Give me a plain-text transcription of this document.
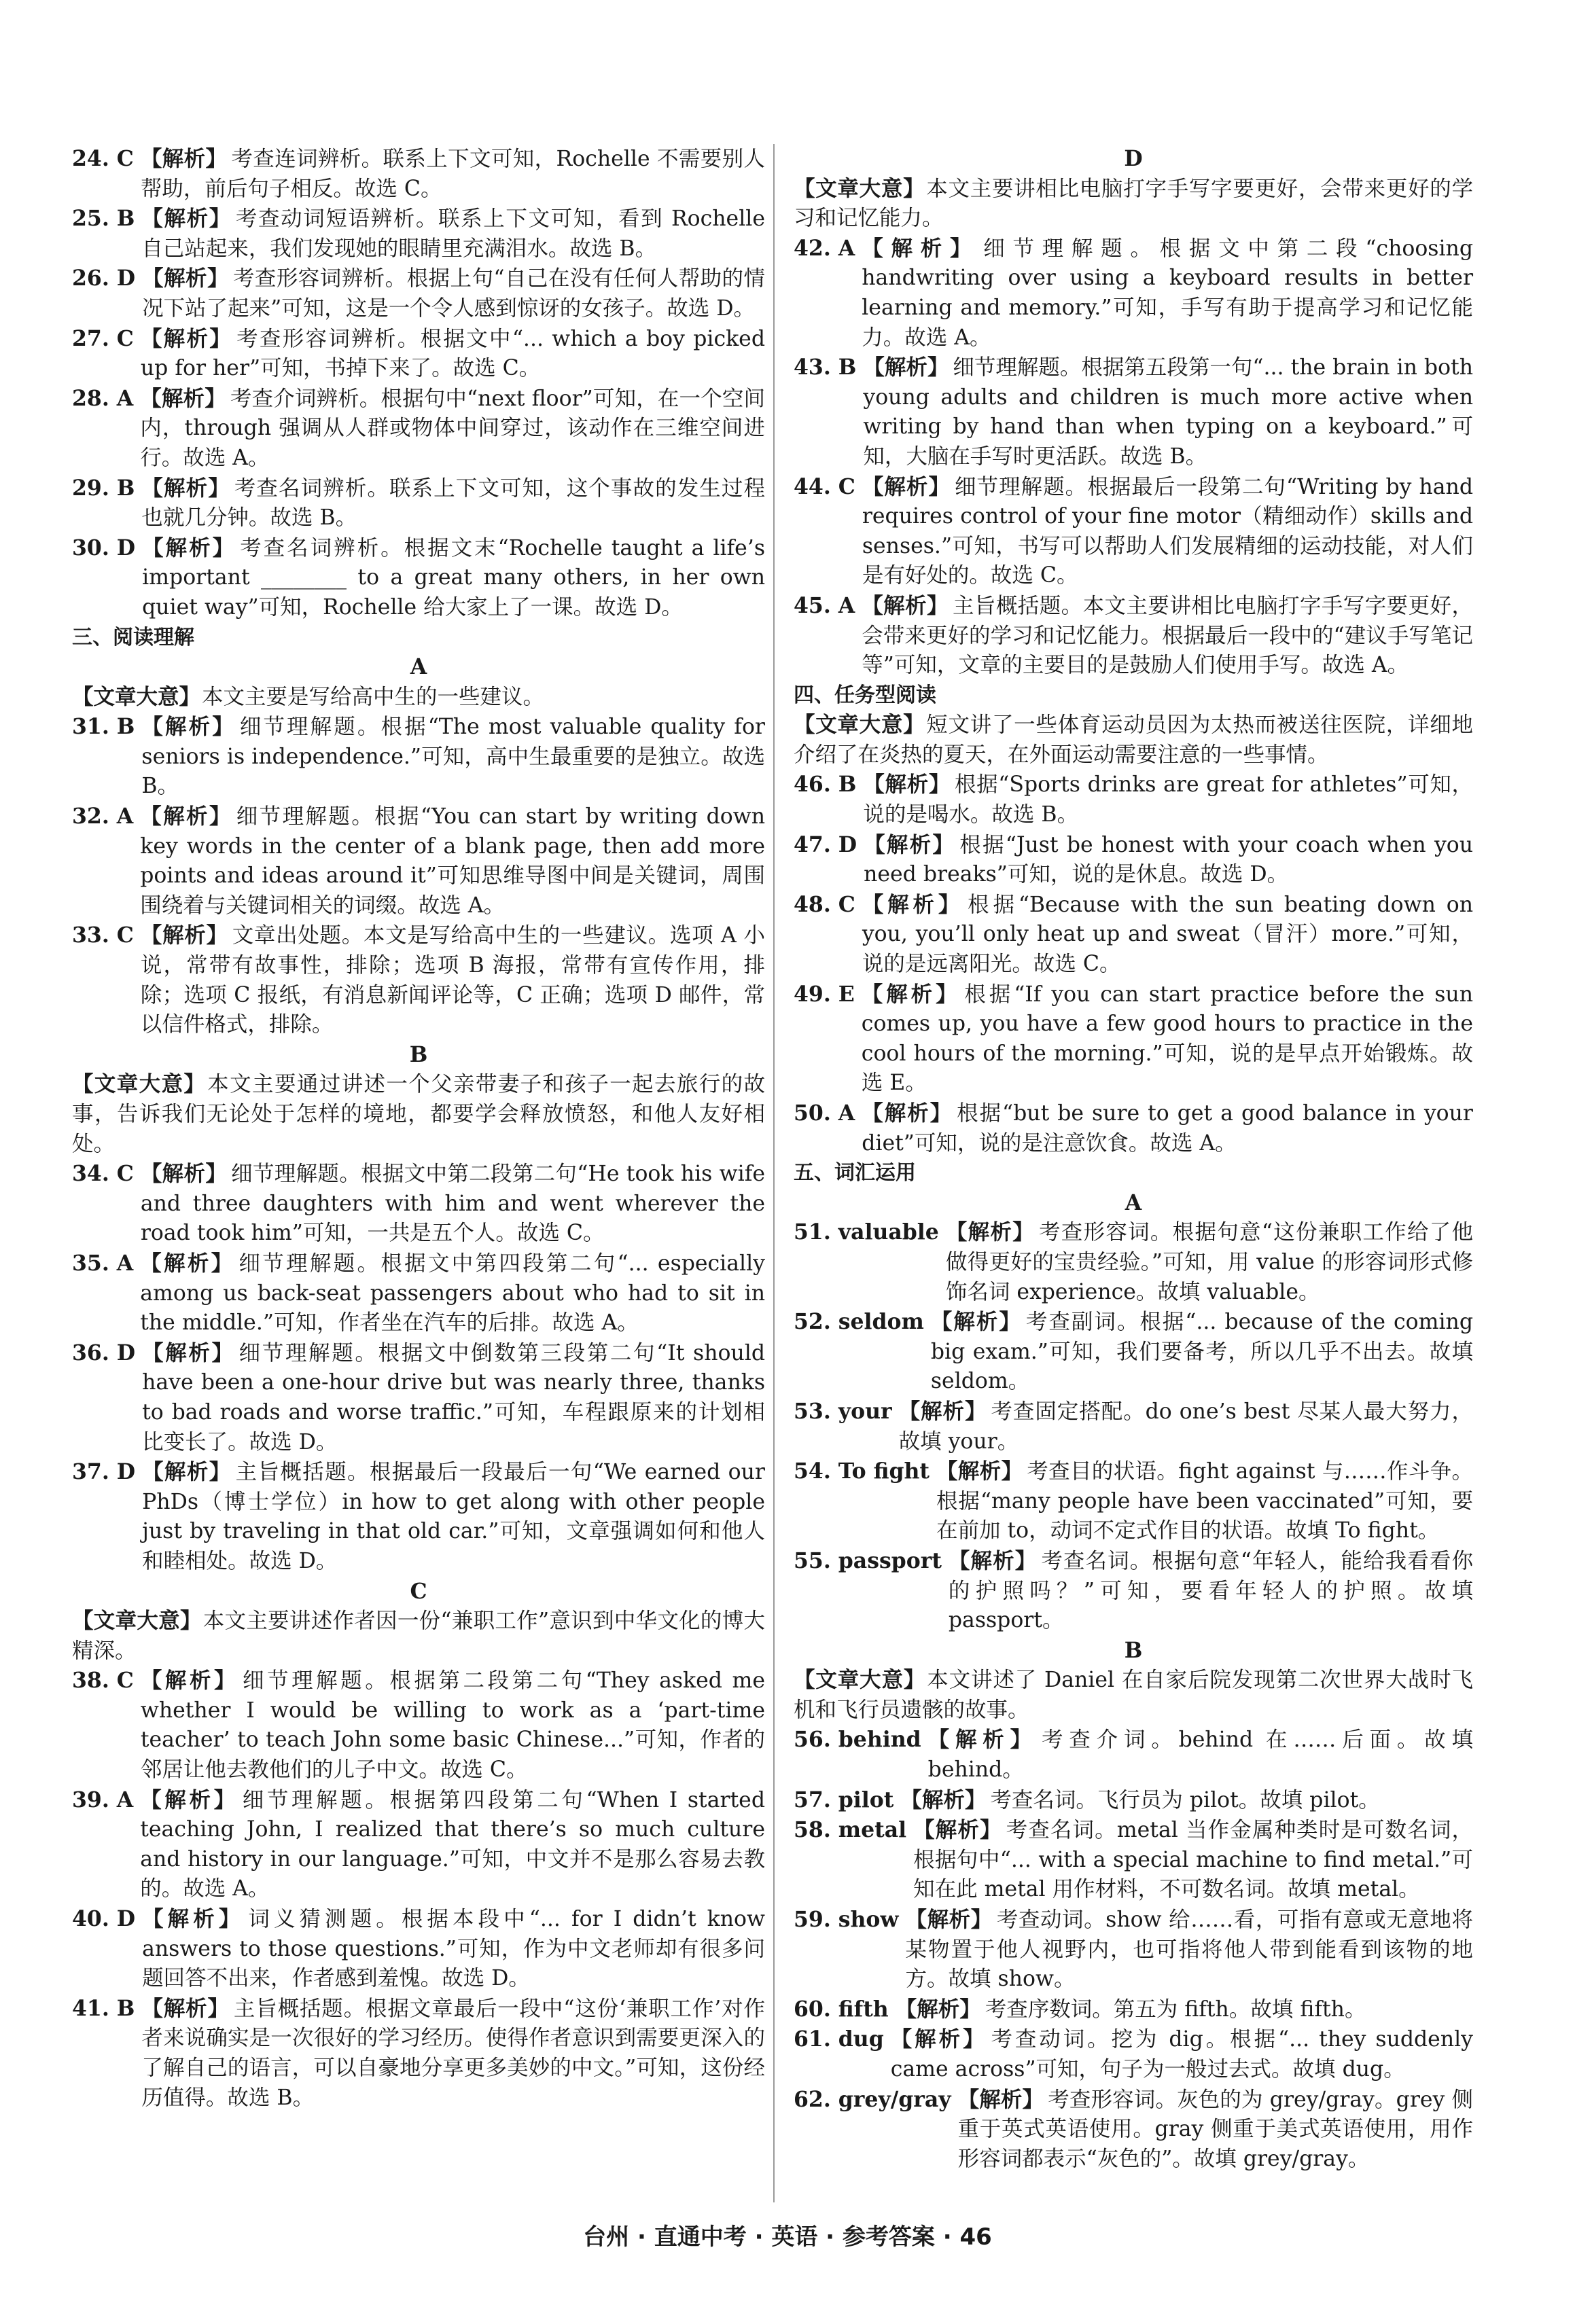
24. C 【解析】 考查连词辨析。联系上下文可知，Rochelle 不需要别人帮助，前后句子相反。故选 C。
25. B 【解析】 考查动词短语辨析。联系上下文可知，看到 Rochelle 自己站起来，我们发现她的眼睛里充满泪水。故选 B。
26. D 【解析】 考查形容词辨析。根据上句“自己在没有任何人帮助的情况下站了起来”可知，这是一个令人感到惊讶的女孩子。故选 D。
27. C 【解析】 考查形容词辨析。根据文中“... which a boy picked up for her”可知，书掉下来了。故选 C。
28. A 【解析】 考查介词辨析。根据句中“next floor”可知，在一个空间内，through 强调从人群或物体中间穿过，该动作在三维空间进行。故选 A。
29. B 【解析】 考查名词辨析。联系上下文可知，这个事故的发生过程也就几分钟。故选 B。
30. D 【解析】 考查名词辨析。根据文末“Rochelle taught a life’s important ________ to a great many others, in her own quiet way”可知，Rochelle 给大家上了一课。故选 D。
三、阅读理解
A
【文章大意】本文主要是写给高中生的一些建议。
31. B 【解析】 细节理解题。根据“The most valuable quality for seniors is independence.”可知，高中生最重要的是独立。故选 B。
32. A 【解析】 细节理解题。根据“You can start by writing down key words in the center of a blank page, then add more points and ideas around it”可知思维导图中间是关键词，周围围绕着与关键词相关的词缀。故选 A。
33. C 【解析】 文章出处题。本文是写给高中生的一些建议。选项 A 小说，常带有故事性，排除；选项 B 海报，常带有宣传作用，排除；选项 C 报纸，有消息新闻评论等，C 正确；选项 D 邮件，常以信件格式，排除。
B
【文章大意】本文主要通过讲述一个父亲带妻子和孩子一起去旅行的故事，告诉我们无论处于怎样的境地，都要学会释放愤怒，和他人友好相处。
34. C 【解析】 细节理解题。根据文中第二段第二句“He took his wife and three daughters with him and went wherever the road took him”可知，一共是五个人。故选 C。
35. A 【解析】 细节理解题。根据文中第四段第二句“... especially among us back-seat passengers about who had to sit in the middle.”可知，作者坐在汽车的后排。故选 A。
36. D 【解析】 细节理解题。根据文中倒数第三段第二句“It should have been a one-hour drive but was nearly three, thanks to bad roads and worse traffic.”可知，车程跟原来的计划相比变长了。故选 D。
37. D 【解析】 主旨概括题。根据最后一段最后一句“We earned our PhDs（博士学位）in how to get along with other people just by traveling in that old car.”可知，文章强调如何和他人和睦相处。故选 D。
C
【文章大意】本文主要讲述作者因一份“兼职工作”意识到中华文化的博大精深。
38. C 【解析】 细节理解题。根据第二段第二句“They asked me whether I would be willing to work as a ‘part-time teacher’ to teach John some basic Chinese...”可知，作者的邻居让他去教他们的儿子中文。故选 C。
39. A 【解析】 细节理解题。根据第四段第二句“When I started teaching John, I realized that there’s so much culture and history in our language.”可知，中文并不是那么容易去教的。故选 A。
40. D 【解析】 词义猜测题。根据本段中“... for I didn’t know answers to those questions.”可知，作为中文老师却有很多问题回答不出来，作者感到羞愧。故选 D。
41. B 【解析】 主旨概括题。根据文章最后一段中“这份‘兼职工作’对作者来说确实是一次很好的学习经历。使得作者意识到需要更深入的了解自己的语言，可以自豪地分享更多美妙的中文。”可知，这份经历值得。故选 B。
D
【文章大意】本文主要讲相比电脑打字手写字要更好，会带来更好的学习和记忆能力。
42. A 【解析】 细节理解题。根据文中第二段“choosing handwriting over using a keyboard results in better learning and memory.”可知，手写有助于提高学习和记忆能力。故选 A。
43. B 【解析】 细节理解题。根据第五段第一句“... the brain in both young adults and children is much more active when writing by hand than when typing on a keyboard.”可知，大脑在手写时更活跃。故选 B。
44. C 【解析】 细节理解题。根据最后一段第二句“Writing by hand requires control of your fine motor（精细动作）skills and senses.”可知，书写可以帮助人们发展精细的运动技能，对人们是有好处的。故选 C。
45. A 【解析】 主旨概括题。本文主要讲相比电脑打字手写字要更好，会带来更好的学习和记忆能力。根据最后一段中的“建议手写笔记等”可知，文章的主要目的是鼓励人们使用手写。故选 A。
四、任务型阅读
【文章大意】短文讲了一些体育运动员因为太热而被送往医院，详细地介绍了在炎热的夏天，在外面运动需要注意的一些事情。
46. B 【解析】 根据“Sports drinks are great for athletes”可知，说的是喝水。故选 B。
47. D 【解析】 根据“Just be honest with your coach when you need breaks”可知，说的是休息。故选 D。
48. C 【解析】 根据“Because with the sun beating down on you, you’ll only heat up and sweat（冒汗）more.”可知，说的是远离阳光。故选 C。
49. E 【解析】 根据“If you can start practice before the sun comes up, you have a few good hours to practice in the cool hours of the morning.”可知，说的是早点开始锻炼。故选 E。
50. A 【解析】 根据“but be sure to get a good balance in your diet”可知，说的是注意饮食。故选 A。
五、词汇运用
A
51. valuable 【解析】 考查形容词。根据句意“这份兼职工作给了他做得更好的宝贵经验。”可知，用 value 的形容词形式修饰名词 experience。故填 valuable。
52. seldom 【解析】 考查副词。根据“... because of the coming big exam.”可知，我们要备考，所以几乎不出去。故填 seldom。
53. your 【解析】 考查固定搭配。do one’s best 尽某人最大努力，故填 your。
54. To fight 【解析】 考查目的状语。fight against 与……作斗争。根据“many people have been vaccinated”可知，要在前加 to，动词不定式作目的状语。故填 To fight。
55. passport 【解析】 考查名词。根据句意“年轻人，能给我看看你的护照吗？”可知，要看年轻人的护照。故填 passport。
B
【文章大意】本文讲述了 Daniel 在自家后院发现第二次世界大战时飞机和飞行员遗骸的故事。
56. behind 【解析】 考查介词。behind 在……后面。故填 behind。
57. pilot 【解析】 考查名词。飞行员为 pilot。故填 pilot。
58. metal 【解析】 考查名词。metal 当作金属种类时是可数名词，根据句中“... with a special machine to find metal.”可知在此 metal 用作材料，不可数名词。故填 metal。
59. show 【解析】 考查动词。show 给……看，可指有意或无意地将某物置于他人视野内，也可指将他人带到能看到该物的地方。故填 show。
60. fifth 【解析】 考查序数词。第五为 fifth。故填 fifth。
61. dug 【解析】 考查动词。挖为 dig。根据“... they suddenly came across”可知，句子为一般过去式。故填 dug。
62. grey/gray 【解析】 考查形容词。灰色的为 grey/gray。grey 侧重于英式英语使用。gray 侧重于美式英语使用，用作形容词都表示“灰色的”。故填 grey/gray。
台州 · 直通中考 · 英语 · 参考答案 · 46
